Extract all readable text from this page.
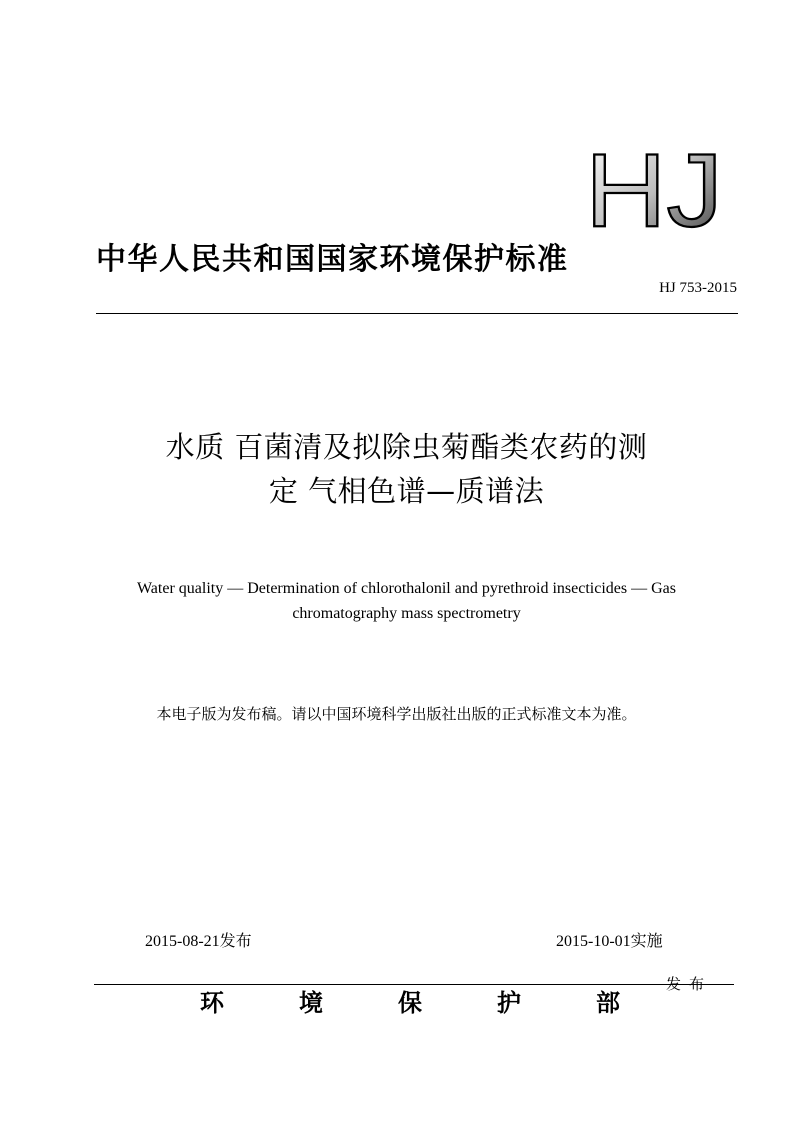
HJ
中华人民共和国国家环境保护标准
HJ 753-2015
水质 百菌清及拟除虫菊酯类农药的测
定 气相色谱—质谱法
Water quality — Determination of chlorothalonil and pyrethroid insecticides — Gas
chromatography mass spectrometry
本电子版为发布稿。请以中国环境科学出版社出版的正式标准文本为准。
2015-08-21发布	2015-10-01实施
发布
环	境	保	护	部
